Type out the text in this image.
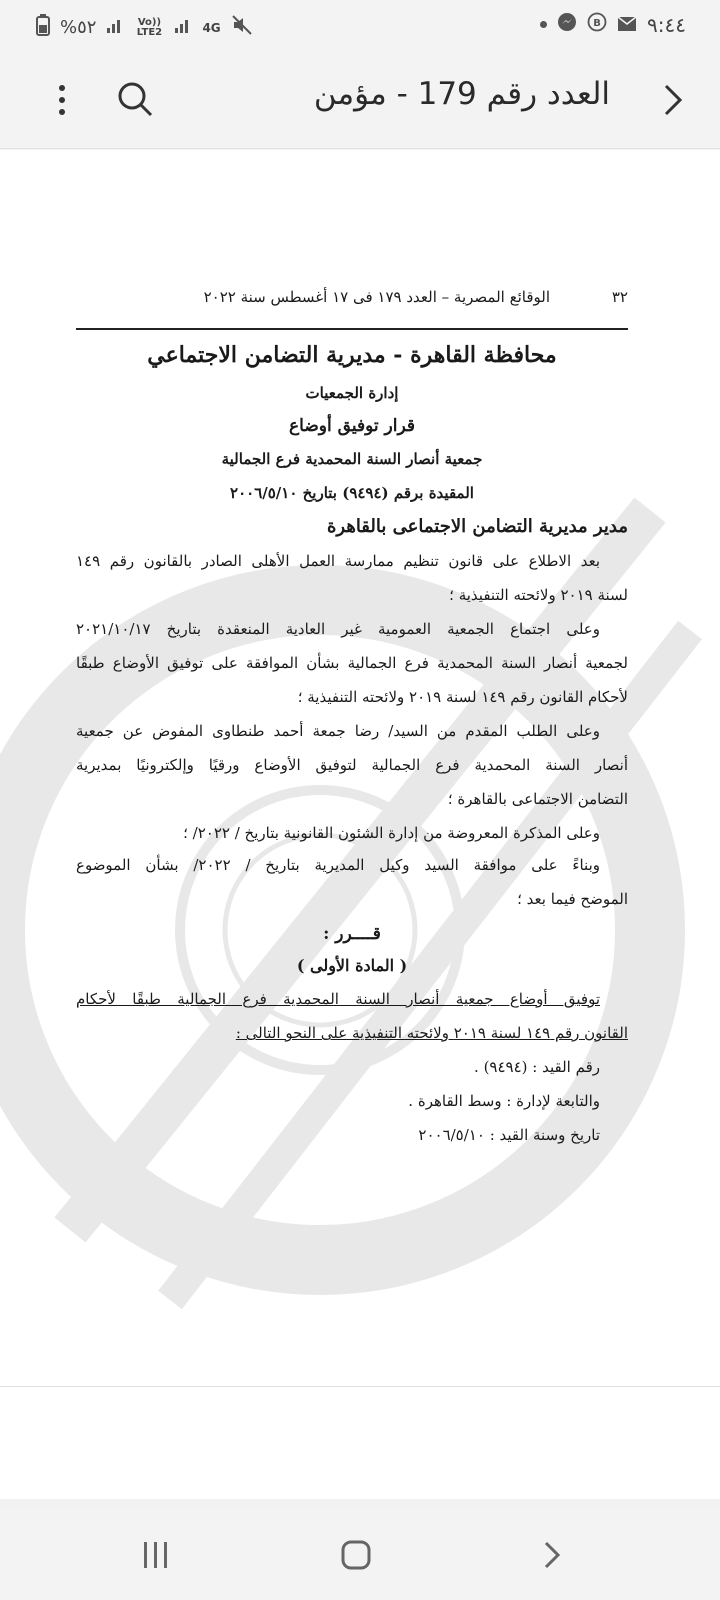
%٥٢	Vo)) LTE2	4G	B ٩:٤٤
العدد رقم 179 - مؤمن
٣٢
الوقائع المصرية – العدد ١٧٩ فى ١٧ أغسطس سنة ٢٠٢٢
محافظة القاهرة - مديرية التضامن الاجتماعي
إدارة الجمعيات
قرار توفيق أوضاع
جمعية أنصار السنة المحمدية فرع الجمالية
المقيدة برقم (٩٤٩٤) بتاريخ ٢٠٠٦/٥/١٠
مدير مديرية التضامن الاجتماعى بالقاهرة
بعد الاطلاع على قانون تنظيم ممارسة العمل الأهلى الصادر بالقانون رقم ١٤٩
لسنة ٢٠١٩ ولائحته التنفيذية ؛
وعلى اجتماع الجمعية العمومية غير العادية المنعقدة بتاريخ ٢٠٢١/١٠/١٧
لجمعية أنصار السنة المحمدية فرع الجمالية بشأن الموافقة على توفيق الأوضاع طبقًا
لأحكام القانون رقم ١٤٩ لسنة ٢٠١٩ ولائحته التنفيذية ؛
وعلى الطلب المقدم من السيد/ رضا جمعة أحمد طنطاوى المفوض عن جمعية
أنصار السنة المحمدية فرع الجمالية لتوفيق الأوضاع ورقيًا وإلكترونيًا بمديرية
التضامن الاجتماعى بالقاهرة ؛
وعلى المذكرة المعروضة من إدارة الشئون القانونية بتاريخ / ٢٠٢٢/ ؛
وبناءً على موافقة السيد وكيل المديرية بتاريخ / ٢٠٢٢/ بشأن الموضوع
الموضح فيما بعد ؛
قــــرر :
( المادة الأولى )
توفيق أوضاع جمعية أنصار السنة المحمدية فرع الجمالية طبقًا لأحكام
القانون رقم ١٤٩ لسنة ٢٠١٩ ولائحته التنفيذية على النحو التالى :
رقم القيد : (٩٤٩٤) .
والتابعة لإدارة : وسط القاهرة .
تاريخ وسنة القيد : ٢٠٠٦/٥/١٠
